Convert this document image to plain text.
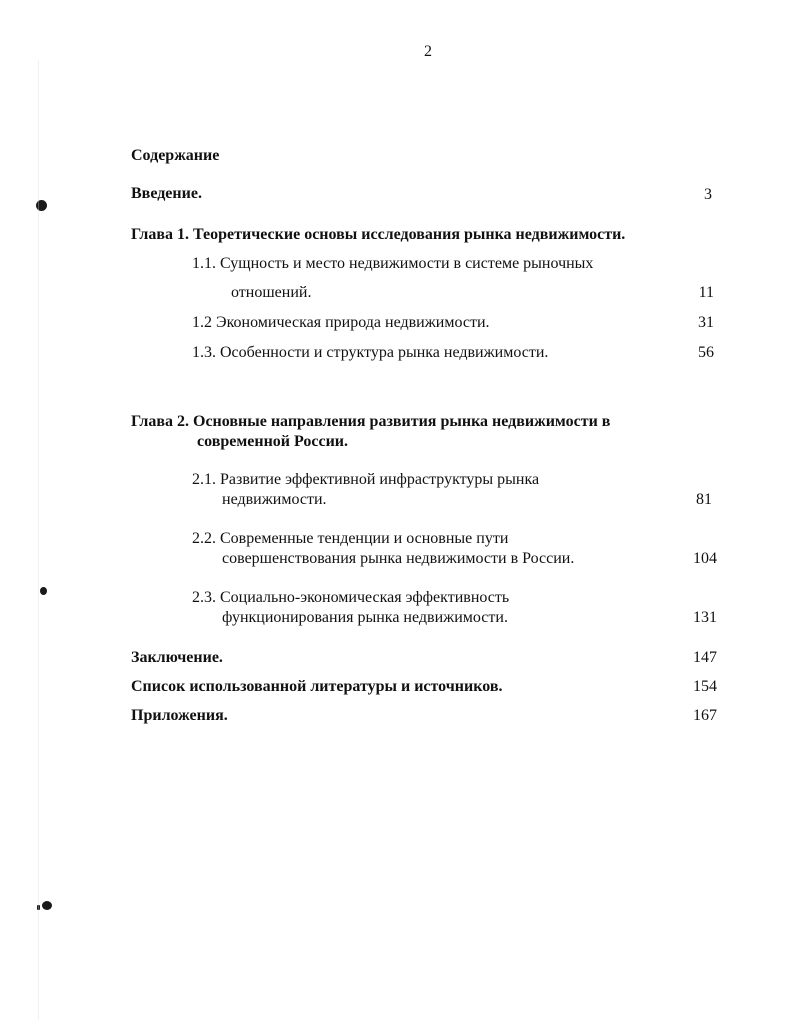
2
Содержание
Введение.	3
Глава 1. Теоретические основы исследования рынка недвижимости.
1.1. Сущность и место недвижимости в системе рыночных
отношений.	11
1.2 Экономическая природа недвижимости.	31
1.3. Особенности и структура рынка недвижимости.	56
Глава 2. Основные направления развития рынка недвижимости в
современной России.
2.1. Развитие эффективной инфраструктуры рынка
недвижимости.	81
2.2. Современные тенденции и основные пути
совершенствования рынка недвижимости в России.	104
2.3. Социально-экономическая эффективность
функционирования рынка недвижимости.	131
Заключение.	147
Список использованной литературы и источников.	154
Приложения.	167
